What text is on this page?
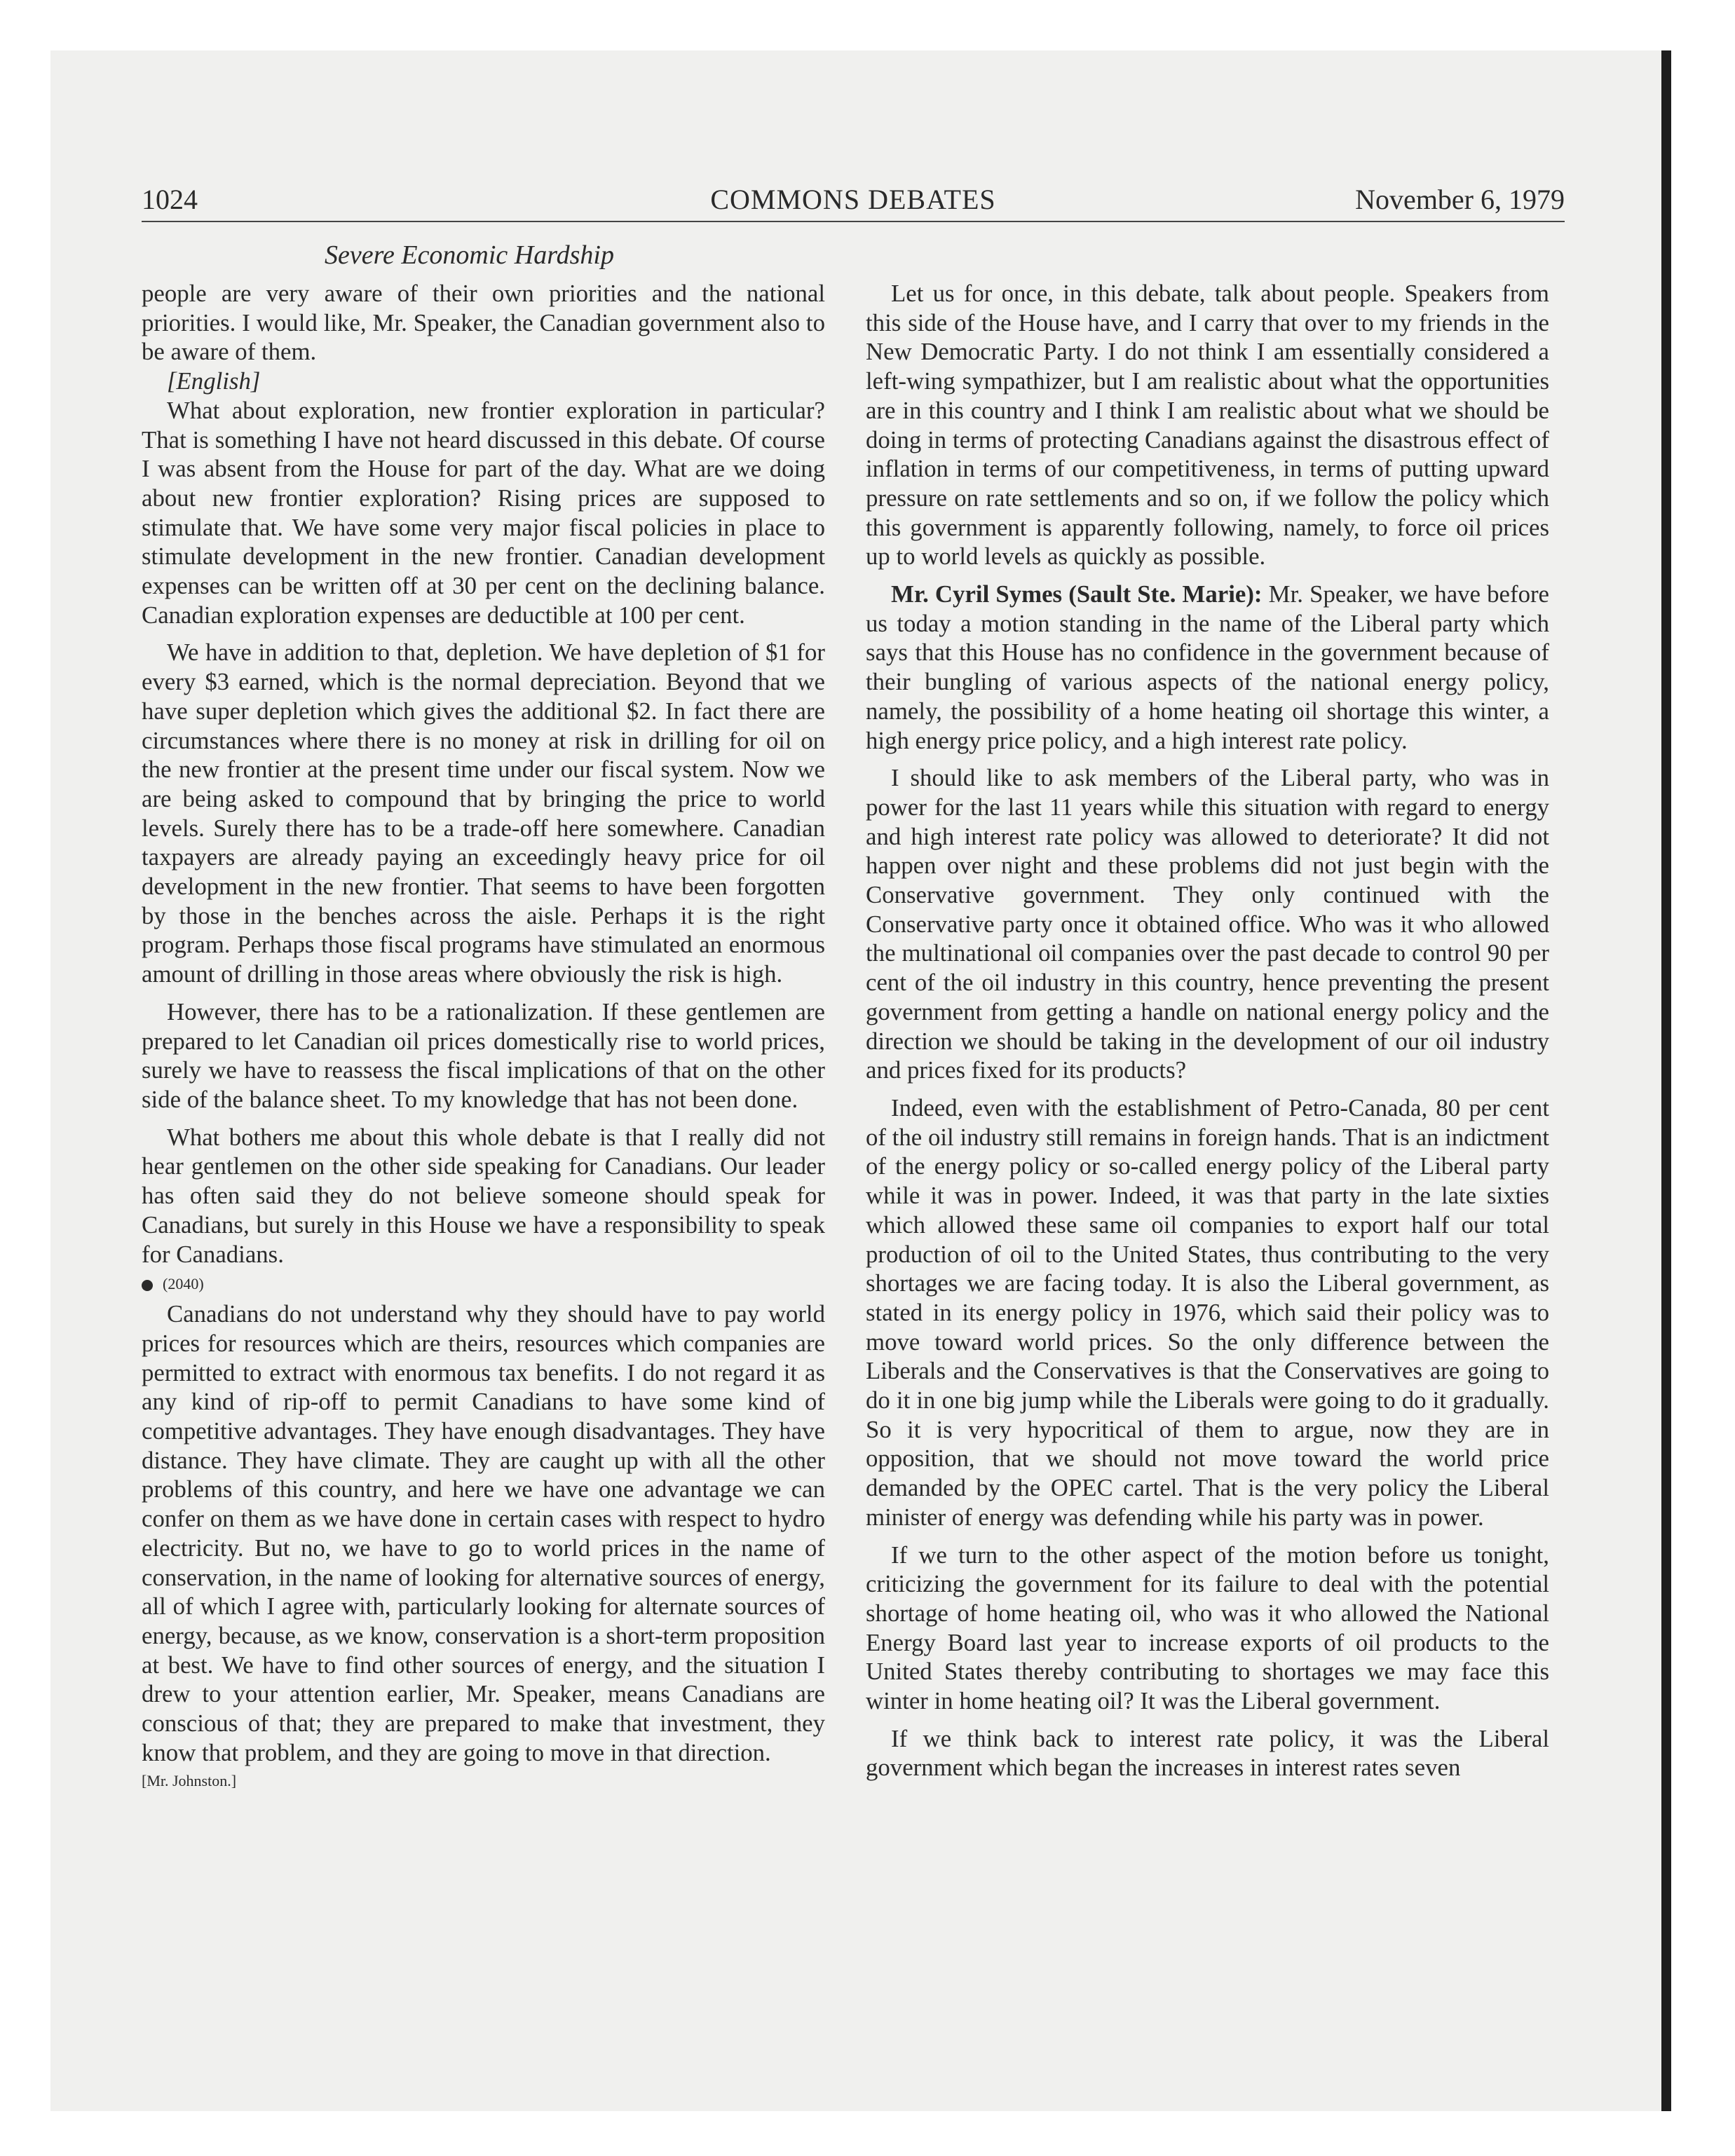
1024	COMMONS DEBATES	November 6, 1979
Severe Economic Hardship

people are very aware of their own priorities and the national priorities. I would like, Mr. Speaker, the Canadian government also to be aware of them.

[English]

What about exploration, new frontier exploration in particular? That is something I have not heard discussed in this debate. Of course I was absent from the House for part of the day. What are we doing about new frontier exploration? Rising prices are supposed to stimulate that. We have some very major fiscal policies in place to stimulate development in the new frontier. Canadian development expenses can be written off at 30 per cent on the declining balance. Canadian exploration expenses are deductible at 100 per cent.

We have in addition to that, depletion. We have depletion of $1 for every $3 earned, which is the normal depreciation. Beyond that we have super depletion which gives the additional $2. In fact there are circumstances where there is no money at risk in drilling for oil on the new frontier at the present time under our fiscal system. Now we are being asked to compound that by bringing the price to world levels. Surely there has to be a trade-off here somewhere. Canadian taxpayers are already paying an exceedingly heavy price for oil development in the new frontier. That seems to have been forgotten by those in the benches across the aisle. Perhaps it is the right program. Perhaps those fiscal programs have stimulated an enormous amount of drilling in those areas where obviously the risk is high.

However, there has to be a rationalization. If these gentlemen are prepared to let Canadian oil prices domestically rise to world prices, surely we have to reassess the fiscal implications of that on the other side of the balance sheet. To my knowledge that has not been done.

What bothers me about this whole debate is that I really did not hear gentlemen on the other side speaking for Canadians. Our leader has often said they do not believe someone should speak for Canadians, but surely in this House we have a responsibility to speak for Canadians.

(2040)

Canadians do not understand why they should have to pay world prices for resources which are theirs, resources which companies are permitted to extract with enormous tax benefits. I do not regard it as any kind of rip-off to permit Canadians to have some kind of competitive advantages. They have enough disadvantages. They have distance. They have climate. They are caught up with all the other problems of this country, and here we have one advantage we can confer on them as we have done in certain cases with respect to hydro electricity. But no, we have to go to world prices in the name of conservation, in the name of looking for alternative sources of energy, all of which I agree with, particularly looking for alternate sources of energy, because, as we know, conservation is a short-term proposition at best. We have to find other sources of energy, and the situation I drew to your attention earlier, Mr. Speaker, means Canadians are conscious of that; they are prepared to make that investment, they know that problem, and they are going to move in that direction.

[Mr. Johnston.]

Let us for once, in this debate, talk about people. Speakers from this side of the House have, and I carry that over to my friends in the New Democratic Party. I do not think I am essentially considered a left-wing sympathizer, but I am realistic about what the opportunities are in this country and I think I am realistic about what we should be doing in terms of protecting Canadians against the disastrous effect of inflation in terms of our competitiveness, in terms of putting upward pressure on rate settlements and so on, if we follow the policy which this government is apparently following, namely, to force oil prices up to world levels as quickly as possible.

Mr. Cyril Symes (Sault Ste. Marie): Mr. Speaker, we have before us today a motion standing in the name of the Liberal party which says that this House has no confidence in the government because of their bungling of various aspects of the national energy policy, namely, the possibility of a home heating oil shortage this winter, a high energy price policy, and a high interest rate policy.

I should like to ask members of the Liberal party, who was in power for the last 11 years while this situation with regard to energy and high interest rate policy was allowed to deteriorate? It did not happen over night and these problems did not just begin with the Conservative government. They only continued with the Conservative party once it obtained office. Who was it who allowed the multinational oil companies over the past decade to control 90 per cent of the oil industry in this country, hence preventing the present government from getting a handle on national energy policy and the direction we should be taking in the development of our oil industry and prices fixed for its products?

Indeed, even with the establishment of Petro-Canada, 80 per cent of the oil industry still remains in foreign hands. That is an indictment of the energy policy or so-called energy policy of the Liberal party while it was in power. Indeed, it was that party in the late sixties which allowed these same oil companies to export half our total production of oil to the United States, thus contributing to the very shortages we are facing today. It is also the Liberal government, as stated in its energy policy in 1976, which said their policy was to move toward world prices. So the only difference between the Liberals and the Conservatives is that the Conservatives are going to do it in one big jump while the Liberals were going to do it gradually. So it is very hypocritical of them to argue, now they are in opposition, that we should not move toward the world price demanded by the OPEC cartel. That is the very policy the Liberal minister of energy was defending while his party was in power.

If we turn to the other aspect of the motion before us tonight, criticizing the government for its failure to deal with the potential shortage of home heating oil, who was it who allowed the National Energy Board last year to increase exports of oil products to the United States thereby contributing to shortages we may face this winter in home heating oil? It was the Liberal government.

If we think back to interest rate policy, it was the Liberal government which began the increases in interest rates seven
